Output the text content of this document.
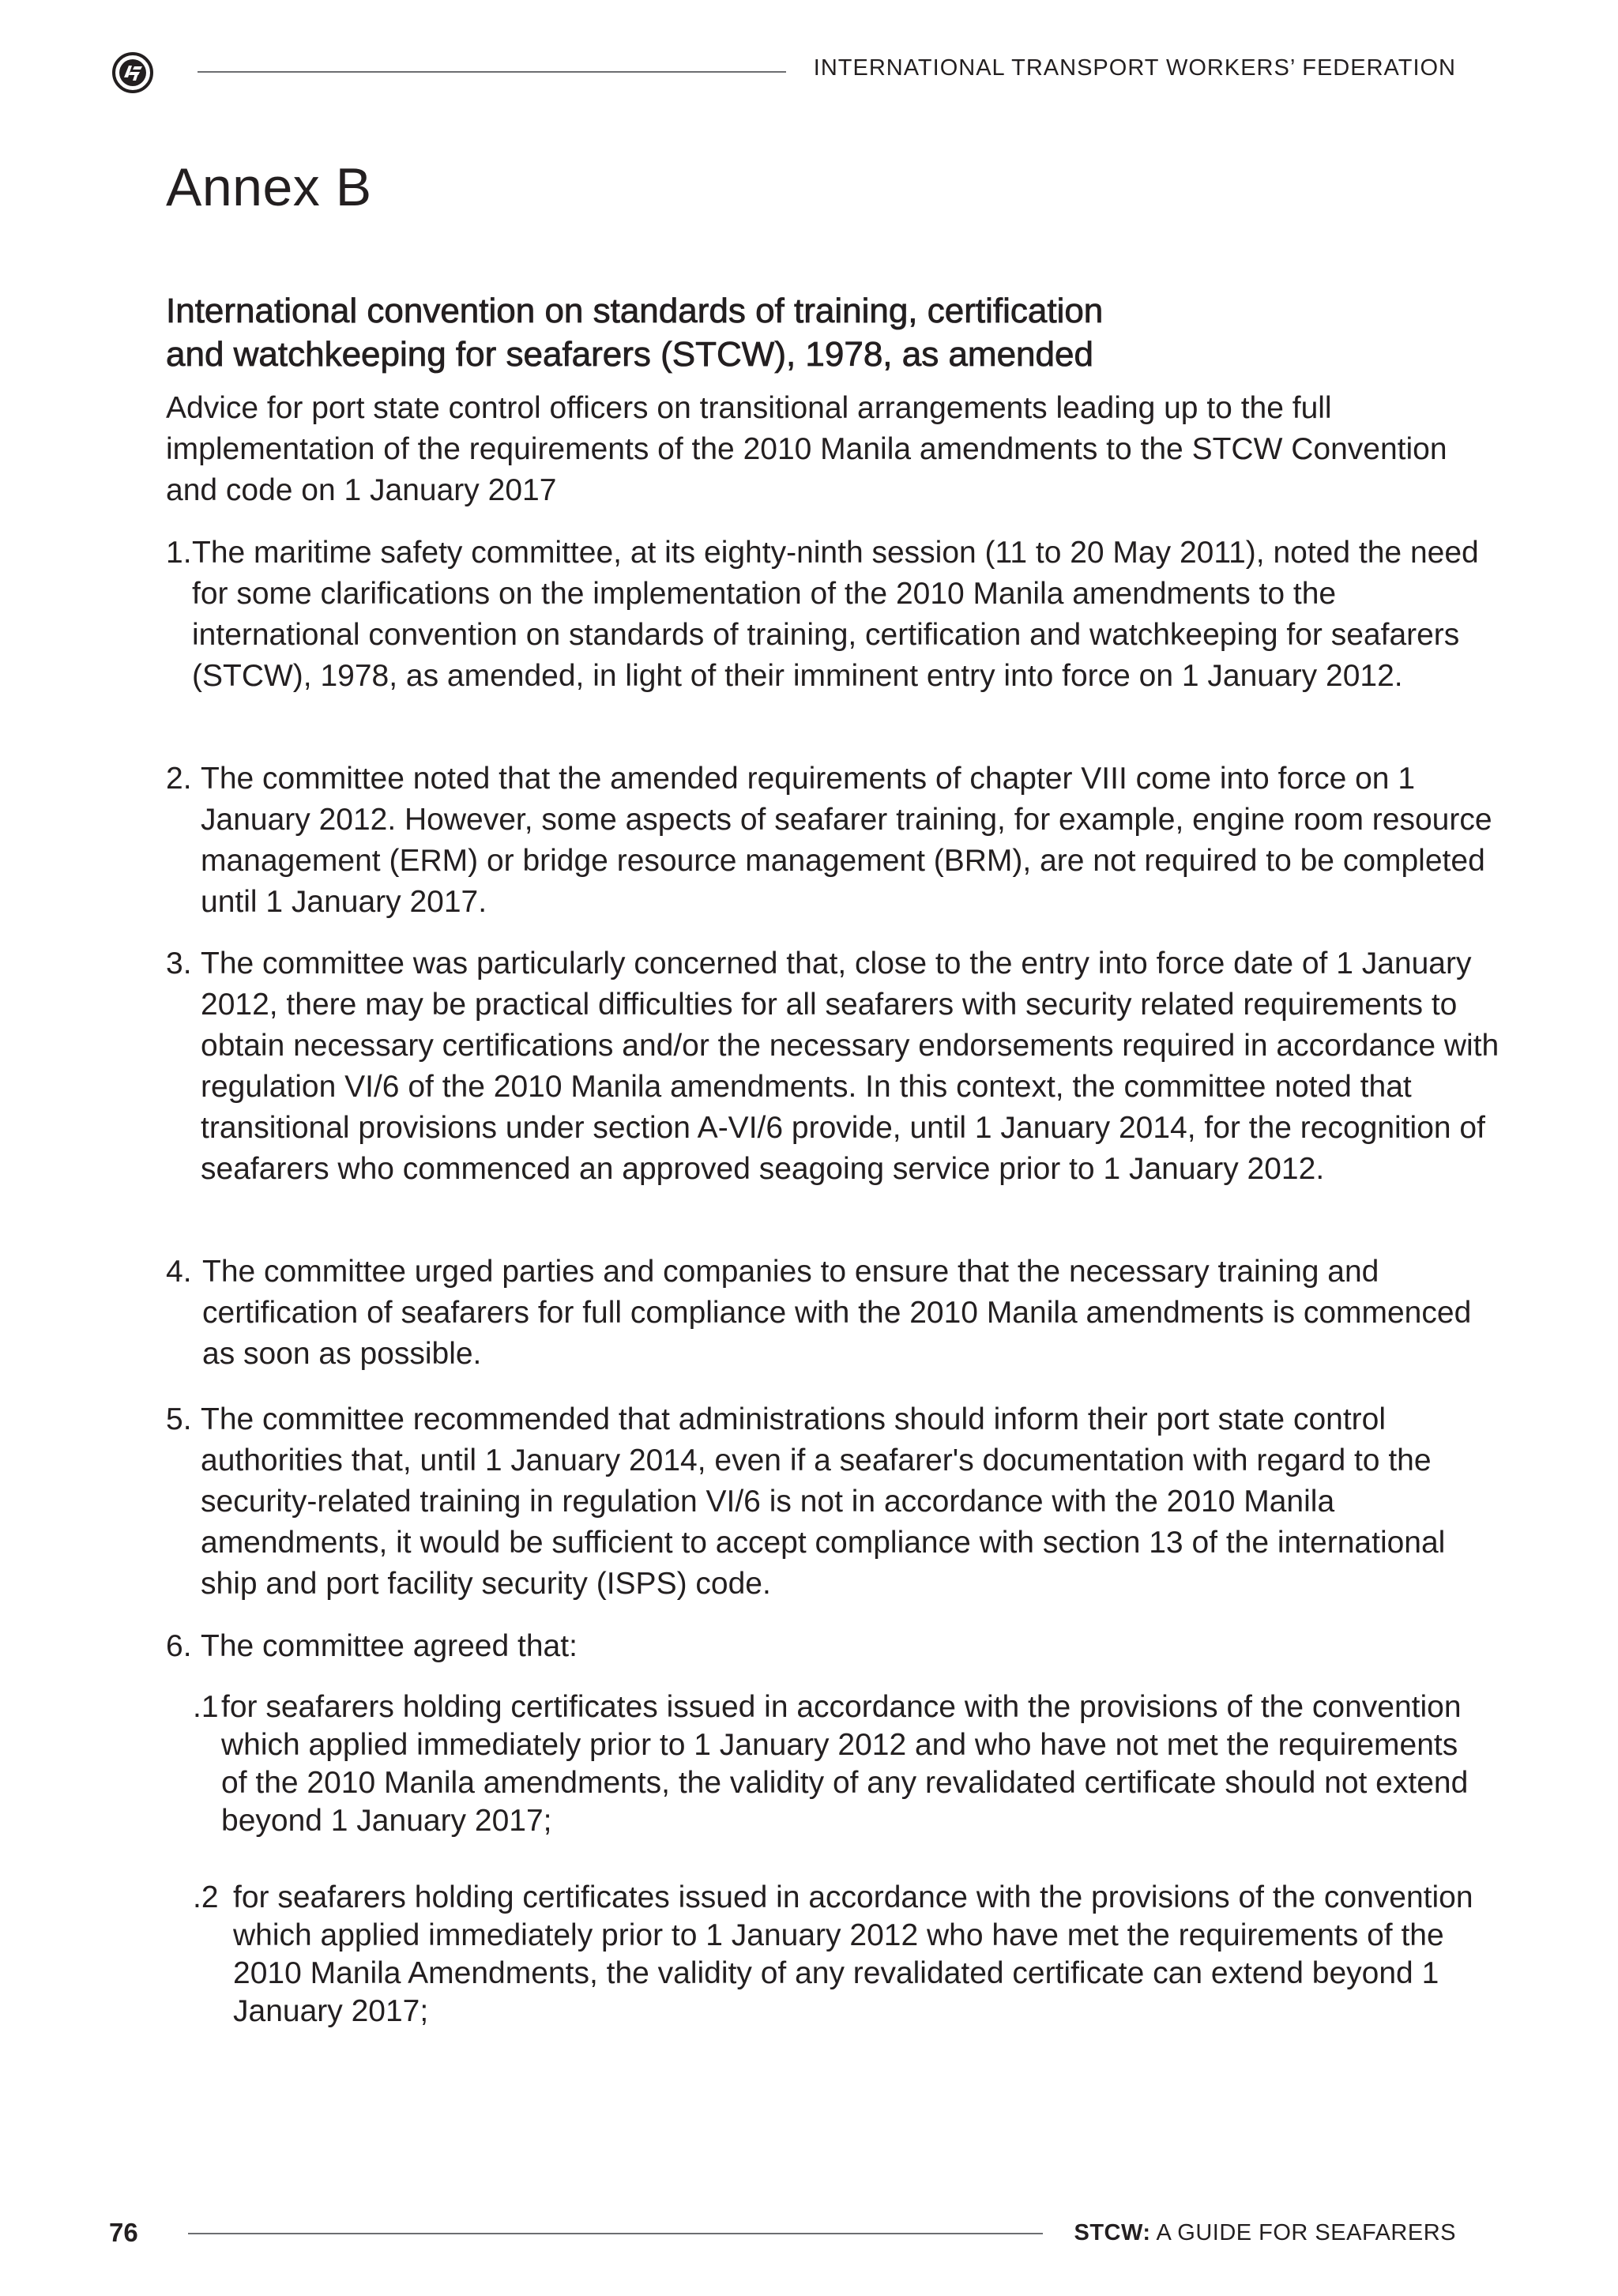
INTERNATIONAL TRANSPORT WORKERS’ FEDERATION
Annex B
International convention on standards of training, certification
and watchkeeping for seafarers (STCW), 1978, as amended

Advice for port state control officers on transitional arrangements leading up to the full implementation of the requirements of the 2010 Manila amendments to the STCW Convention and code on 1 January 2017

1. The maritime safety committee, at its eighty-ninth session (11 to 20 May 2011), noted the need for some clarifications on the implementation of the 2010 Manila amendments to the international convention on standards of training, certification and watchkeeping for seafarers (STCW), 1978, as amended, in light of their imminent entry into force on 1 January 2012.
2. The committee noted that the amended requirements of chapter VIII come into force on 1 January 2012. However, some aspects of seafarer training, for example, engine room resource management (ERM) or bridge resource management (BRM), are not required to be completed until 1 January 2017.
3. The committee was particularly concerned that, close to the entry into force date of 1 January 2012, there may be practical difficulties for all seafarers with security related requirements to obtain necessary certifications and/or the necessary endorsements required in accordance with regulation VI/6 of the 2010 Manila amendments. In this context, the committee noted that transitional provisions under section A-VI/6 provide, until 1 January 2014, for the recognition of seafarers who commenced an approved seagoing service prior to 1 January 2012.
4. The committee urged parties and companies to ensure that the necessary training and certification of seafarers for full compliance with the 2010 Manila amendments is commenced as soon as possible.
5. The committee recommended that administrations should inform their port state control authorities that, until 1 January 2014, even if a seafarer's documentation with regard to the security-related training in regulation VI/6 is not in accordance with the 2010 Manila amendments, it would be sufficient to accept compliance with section 13 of the international ship and port facility security (ISPS) code.
6. The committee agreed that:
.1 for seafarers holding certificates issued in accordance with the provisions of the convention which applied immediately prior to 1 January 2012 and who have not met the requirements of the 2010 Manila amendments, the validity of any revalidated certificate should not extend beyond 1 January 2017;
.2 for seafarers holding certificates issued in accordance with the provisions of the convention which applied immediately prior to 1 January 2012 who have met the requirements of the 2010 Manila Amendments, the validity of any revalidated certificate can extend beyond 1 January 2017;
76	STCW: A GUIDE FOR SEAFARERS
